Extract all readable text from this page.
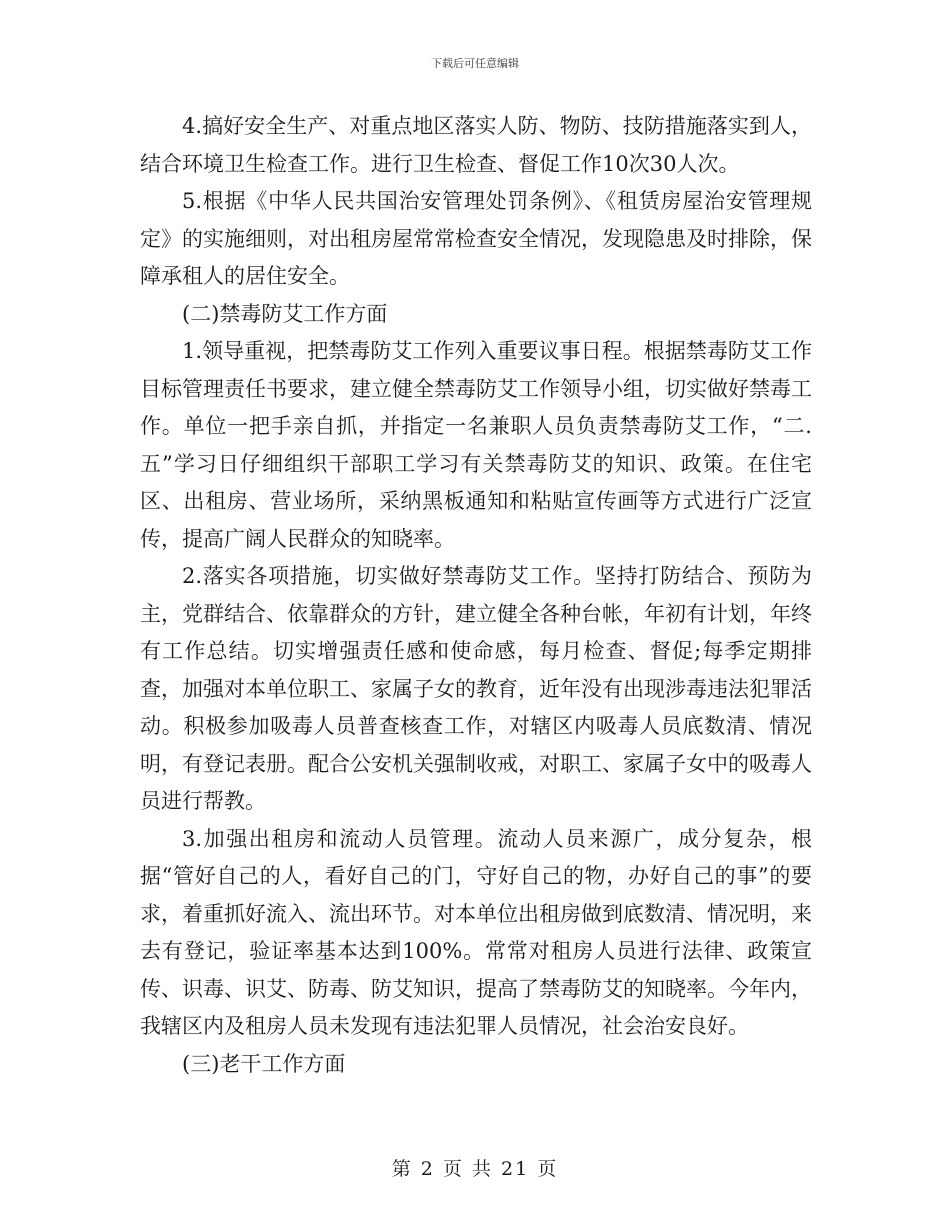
下载后可任意编辑

4.搞好安全生产、对重点地区落实人防、物防、技防措施落实到人，结合环境卫生检查工作。进行卫生检查、督促工作10次30人次。

5.根据《中华人民共国治安管理处罚条例》、《租赁房屋治安管理规定》的实施细则，对出租房屋常常检查安全情况，发现隐患及时排除，保障承租人的居住安全。

(二)禁毒防艾工作方面

1.领导重视，把禁毒防艾工作列入重要议事日程。根据禁毒防艾工作目标管理责任书要求，建立健全禁毒防艾工作领导小组，切实做好禁毒工作。单位一把手亲自抓，并指定一名兼职人员负责禁毒防艾工作，“二.五”学习日仔细组织干部职工学习有关禁毒防艾的知识、政策。在住宅区、出租房、营业场所，采纳黑板通知和粘贴宣传画等方式进行广泛宣传，提高广阔人民群众的知晓率。

2.落实各项措施，切实做好禁毒防艾工作。坚持打防结合、预防为主，党群结合、依靠群众的方针，建立健全各种台帐，年初有计划，年终有工作总结。切实增强责任感和使命感，每月检查、督促;每季定期排查，加强对本单位职工、家属子女的教育，近年没有出现涉毒违法犯罪活动。积极参加吸毒人员普查核查工作，对辖区内吸毒人员底数清、情况明，有登记表册。配合公安机关强制收戒，对职工、家属子女中的吸毒人员进行帮教。

3.加强出租房和流动人员管理。流动人员来源广，成分复杂，根据“管好自己的人，看好自己的门，守好自己的物，办好自己的事”的要求，着重抓好流入、流出环节。对本单位出租房做到底数清、情况明，来去有登记，验证率基本达到100%。常常对租房人员进行法律、政策宣传、识毒、识艾、防毒、防艾知识，提高了禁毒防艾的知晓率。今年内，我辖区内及租房人员未发现有违法犯罪人员情况，社会治安良好。

(三)老干工作方面

第 2 页 共 21 页
